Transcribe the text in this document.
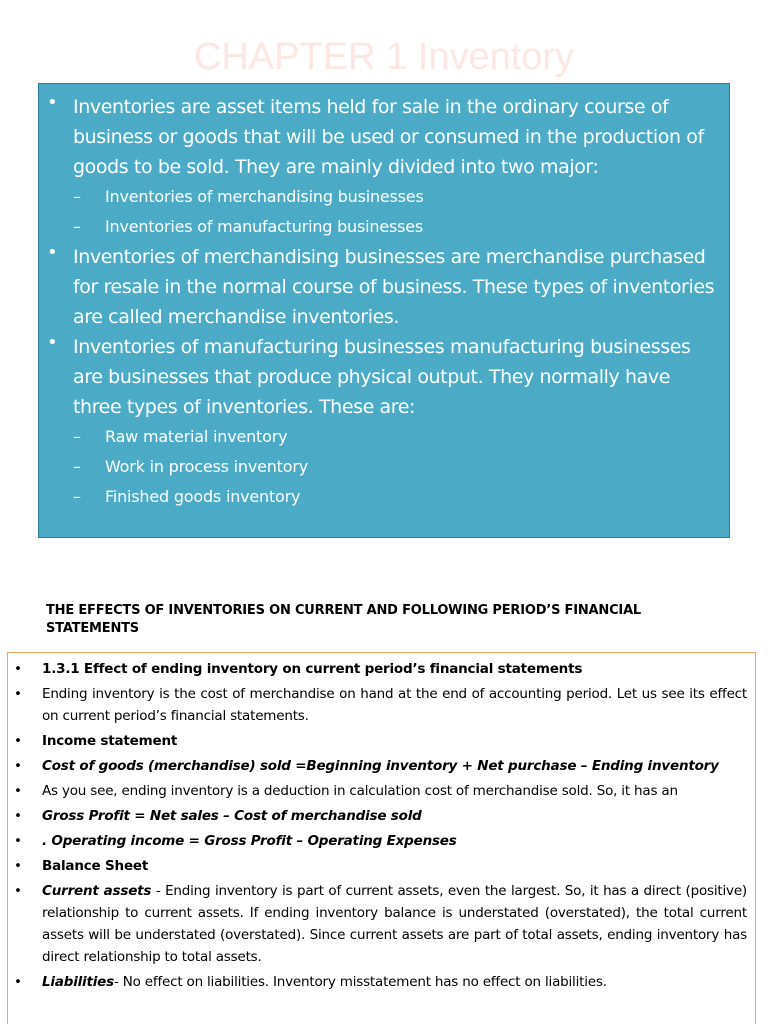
CHAPTER 1 Inventory
• Inventories are asset items held for sale in the ordinary course of business or goods that will be used or consumed in the production of goods to be sold. They are mainly divided into two major:
– Inventories of merchandising businesses
– Inventories of manufacturing businesses
• Inventories of merchandising businesses are merchandise purchased for resale in the normal course of business. These types of inventories are called merchandise inventories.
• Inventories of manufacturing businesses manufacturing businesses are businesses that produce physical output. They normally have three types of inventories. These are:
– Raw material inventory
– Work in process inventory
– Finished goods inventory
THE EFFECTS OF INVENTORIES ON CURRENT AND FOLLOWING PERIOD’S FINANCIAL STATEMENTS
• 1.3.1 Effect of ending inventory on current period’s financial statements
• Ending inventory is the cost of merchandise on hand at the end of accounting period. Let us see its effect on current period’s financial statements.
• Income statement
• Cost of goods (merchandise) sold =Beginning inventory + Net purchase – Ending inventory
• As you see, ending inventory is a deduction in calculation cost of merchandise sold. So, it has an
• Gross Profit = Net sales – Cost of merchandise sold
• . Operating income = Gross Profit – Operating Expenses
• Balance Sheet
• Current assets - Ending inventory is part of current assets, even the largest. So, it has a direct (positive) relationship to current assets. If ending inventory balance is understated (overstated), the total current assets will be understated (overstated). Since current assets are part of total assets, ending inventory has direct relationship to total assets.
• Liabilities- No effect on liabilities. Inventory misstatement has no effect on liabilities.
